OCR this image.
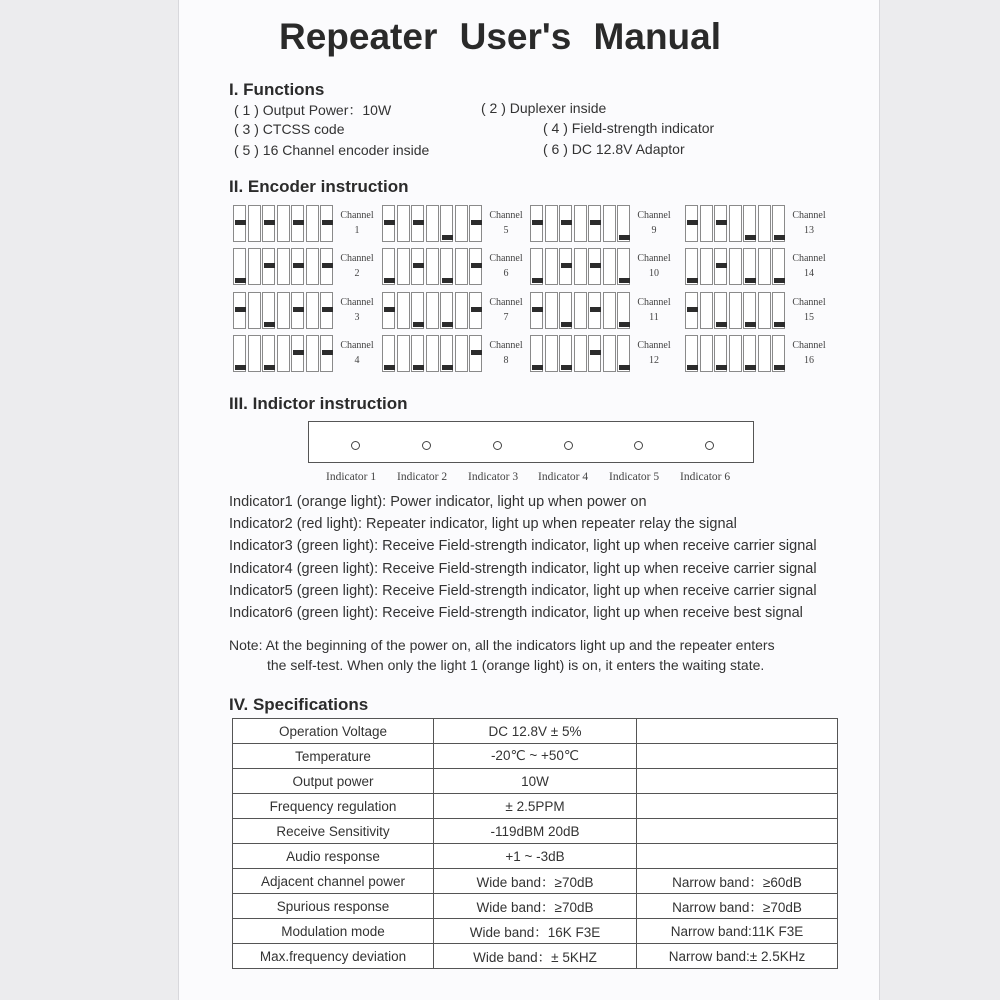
Repeater User's Manual
I. Functions
( 1 ) Output Power：10W	( 2 ) Duplexer inside
( 3 ) CTCSS code	( 4 ) Field-strength indicator
( 5 ) 16 Channel encoder inside	( 6 ) DC 12.8V Adaptor
II. Encoder instruction
Channel
1
Channel
2
Channel
3
Channel
4
Channel
5
Channel
6
Channel
7
Channel
8
Channel
9
Channel
10
Channel
11
Channel
12
Channel
13
Channel
14
Channel
15
Channel
16
III. Indictor instruction
Indicator 1 Indicator 2 Indicator 3 Indicator 4 Indicator 5 Indicator 6
Indicator1 (orange light): Power indicator, light up when power on
Indicator2 (red light): Repeater indicator, light up when repeater relay the signal
Indicator3 (green light): Receive Field-strength indicator, light up when receive carrier signal
Indicator4 (green light): Receive Field-strength indicator, light up when receive carrier signal
Indicator5 (green light): Receive Field-strength indicator, light up when receive carrier signal
Indicator6 (green light): Receive Field-strength indicator, light up when receive best signal
Note: At the beginning of the power on, all the indicators light up and the repeater enters
the self-test. When only the light 1 (orange light) is on, it enters the waiting state.
IV. Specifications
Operation Voltage	DC 12.8V ± 5%	
Temperature	-20℃ ~ +50℃	
Output power	10W	
Frequency regulation	± 2.5PPM	
Receive Sensitivity	-119dBM 20dB	
Audio response	+1 ~ -3dB	
Adjacent channel power	Wide band：≥70dB	Narrow band：≥60dB
Spurious response	Wide band：≥70dB	Narrow band：≥70dB
Modulation mode	Wide band：16K F3E	Narrow band:11K F3E
Max.frequency deviation	Wide band：± 5KHZ	Narrow band:± 2.5KHz
